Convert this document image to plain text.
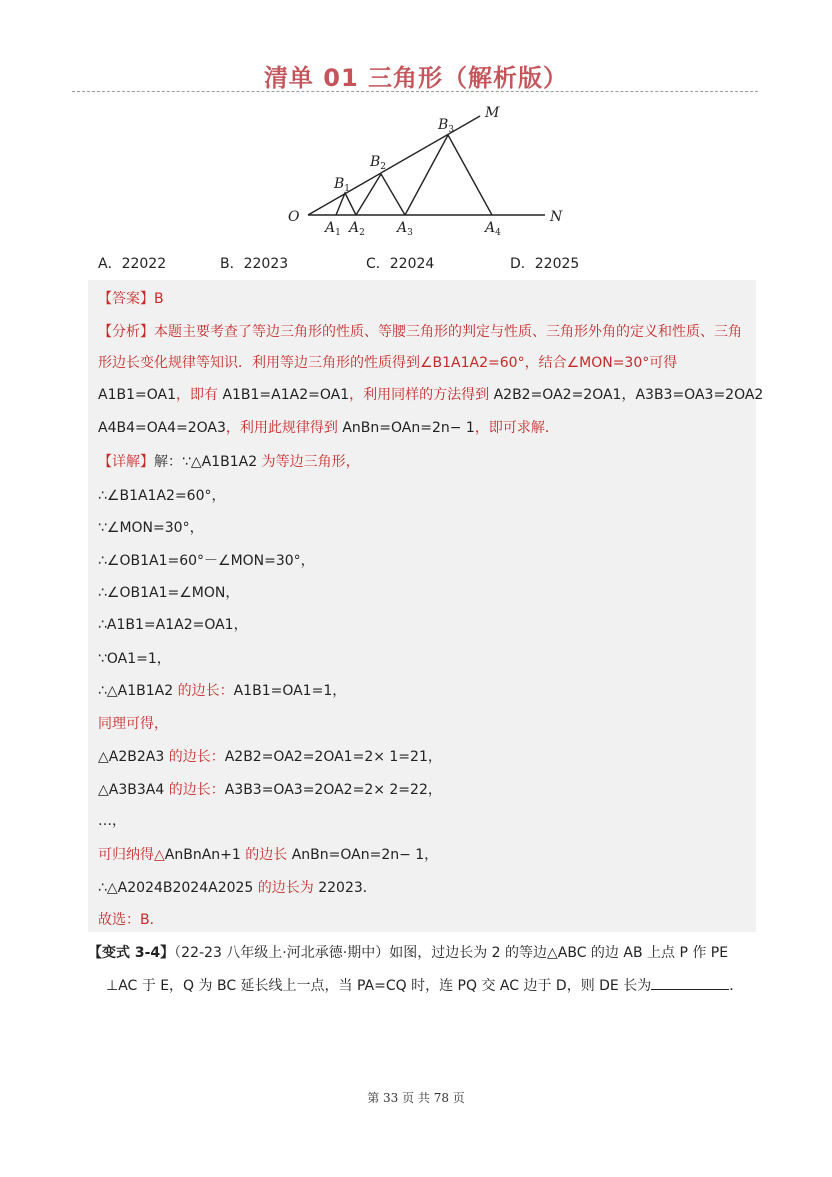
清单 01 三角形（解析版）
O
M
N
$B_1$
$B_2$
$B_3$
$A_1$ $A_2$ $A_3$	$A_4$
A．22022	B．22023	C．22024	D．22025
【答案】B
【分析】本题主要考查了等边三角形的性质、等腰三角形的判定与性质、三角形外角的定义和性质、三角
形边长变化规律等知识．利用等边三角形的性质得到∠B1A1A2=60°，结合∠MON=30°可得
A1B1=OA1，即有 A1B1=A1A2=OA1，利用同样的方法得到 A2B2=OA2=2OA1，A3B3=OA3=2OA2
A4B4=OA4=2OA3，利用此规律得到 AnBn=OAn=2n− 1，即可求解．
【详解】解：∵△A1B1A2 为等边三角形，
∴∠B1A1A2=60°，
∵∠MON=30°，
∴∠OB1A1=60°－∠MON=30°，
∴∠OB1A1=∠MON，
∴A1B1=A1A2=OA1，
∵OA1=1，
∴△A1B1A2 的边长：A1B1=OA1=1，
同理可得，
△A2B2A3 的边长：A2B2=OA2=2OA1=2× 1=21，
△A3B3A4 的边长：A3B3=OA3=2OA2=2× 2=22，
…，
可归纳得△AnBnAn+1 的边长 AnBn=OAn=2n− 1，
∴△A2024B2024A2025 的边长为 22023．
故选：B．
【变式 3-4】（22-23 八年级上·河北承德·期中）如图，过边长为 2 的等边△ABC 的边 AB 上点 P 作 PE
⊥AC 于 E，Q 为 BC 延长线上一点，当 PA=CQ 时，连 PQ 交 AC 边于 D，则 DE 长为	．
第 33 页 共 78 页
